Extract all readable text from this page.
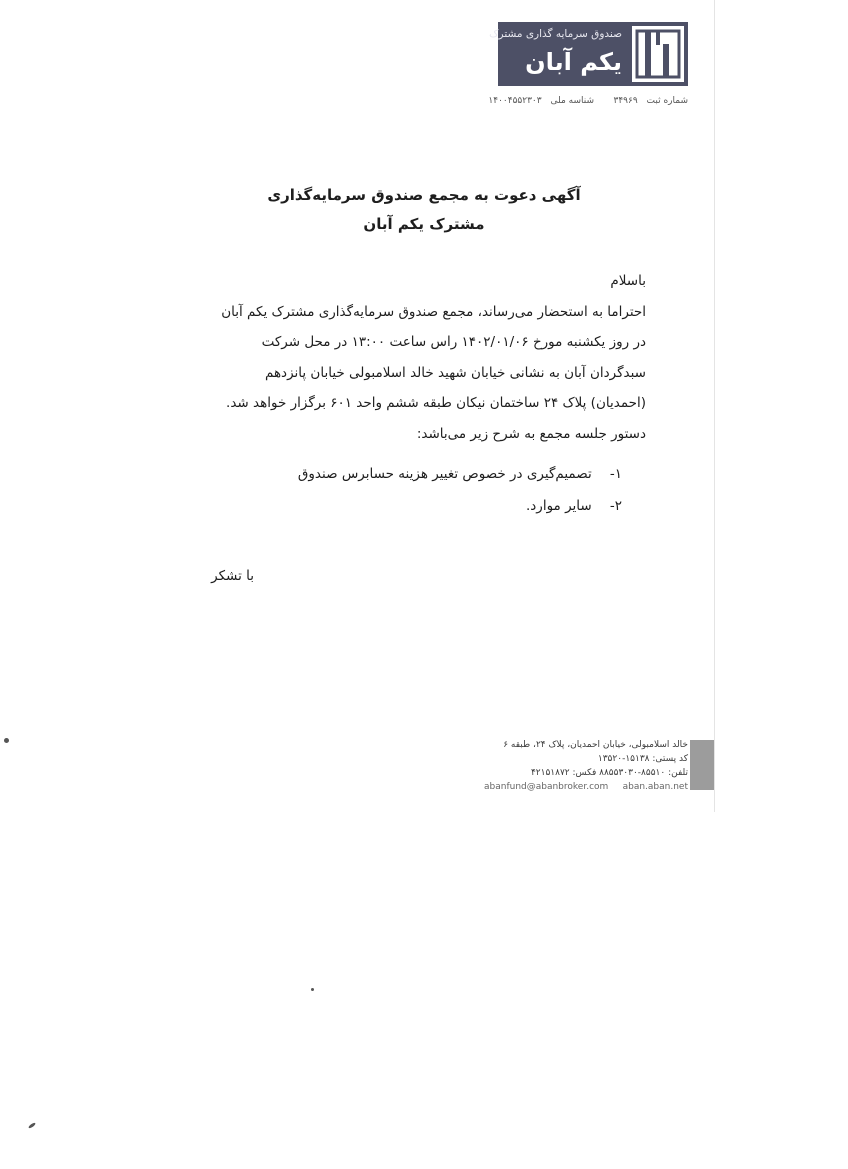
صندوق سرمایه گذاری مشترک
یکم آبان
شماره ثبت ۳۴۹۶۹
شناسه ملی ۱۴۰۰۴۵۵۲۳۰۳
آگهی دعوت به مجمع صندوق سرمایه‌گذاری
مشترک یکم آبان
باسلام
احتراما به استحضار می‌رساند، مجمع صندوق سرمایه‌گذاری مشترک یکم آبان
در روز یکشنبه مورخ ۱۴۰۲/۰۱/۰۶ راس ساعت ۱۳:۰۰ در محل شرکت
سبدگردان آبان به نشانی خیابان شهید خالد اسلامبولی خیابان پانزدهم
(احمدیان) پلاک ۲۴ ساختمان نیکان طبقه ششم واحد ۶۰۱ برگزار خواهد شد.
دستور جلسه مجمع به شرح زیر می‌باشد:
۱- تصمیم‌گیری در خصوص تغییر هزینه حسابرس صندوق
۲- سایر موارد.
با تشکر
خالد اسلامبولی، خیابان احمدیان، پلاک ۲۴، طبقه ۶
کد پستی: ۱۵۱۳۸-۱۳۵۲۰
تلفن: ۸۵۵۱۰-۸۸۵۵۳۰۳۰ فکس: ۴۲۱۵۱۸۷۲
abanfund@abanbroker.com aban.aban.net
